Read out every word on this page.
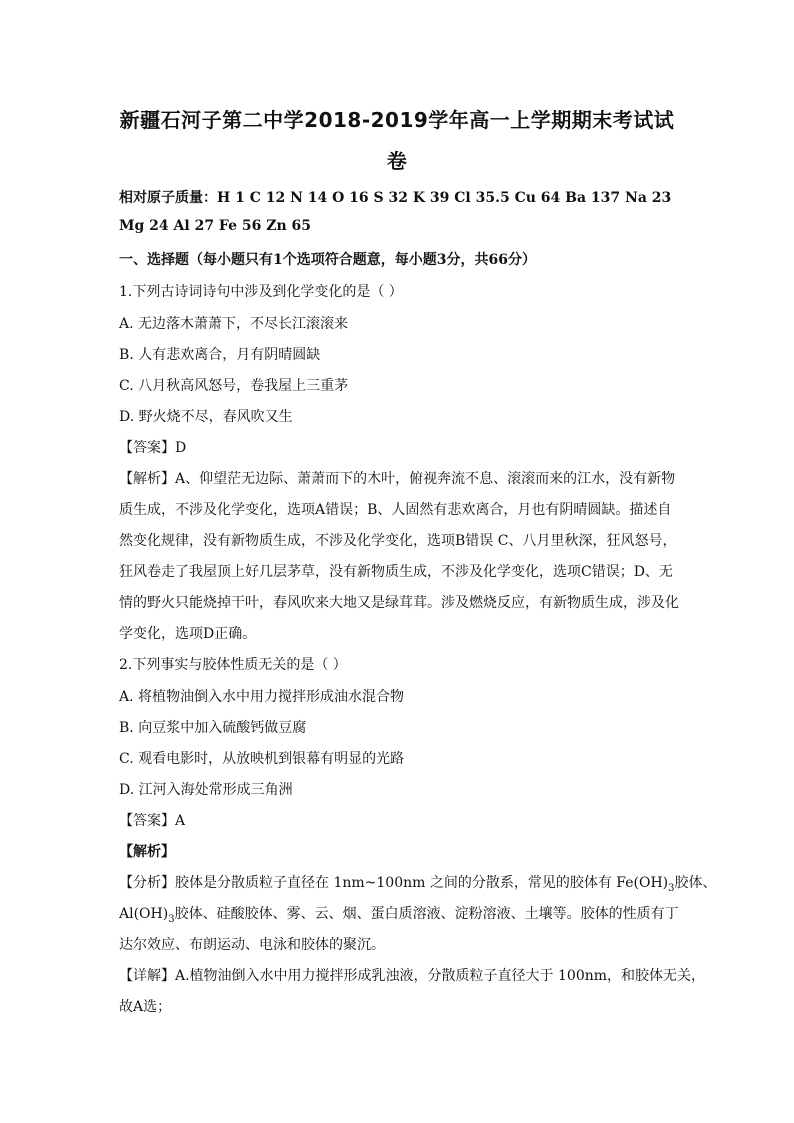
新疆石河子第二中学2018-2019学年高一上学期期末考试试
卷
相对原子质量：H 1 C 12 N 14 O 16 S 32 K 39 Cl 35.5 Cu 64 Ba 137 Na 23
Mg 24 Al 27 Fe 56 Zn 65
一、选择题（每小题只有1个选项符合题意，每小题3分，共66分）
1.下列古诗词诗句中涉及到化学变化的是（ ）
A. 无边落木萧萧下，不尽长江滚滚来
B. 人有悲欢离合，月有阴晴圆缺
C. 八月秋高风怒号，卷我屋上三重茅
D. 野火烧不尽，春风吹又生
【答案】D
【解析】A、仰望茫无边际、萧萧而下的木叶，俯视奔流不息、滚滚而来的江水，没有新物
质生成，不涉及化学变化，选项A错误；B、人固然有悲欢离合，月也有阴晴圆缺。描述自
然变化规律，没有新物质生成，不涉及化学变化，选项B错误 C、八月里秋深，狂风怒号，
狂风卷走了我屋顶上好几层茅草，没有新物质生成，不涉及化学变化，选项C错误；D、无
情的野火只能烧掉干叶，春风吹来大地又是绿茸茸。涉及燃烧反应，有新物质生成，涉及化
学变化，选项D正确。
2.下列事实与胶体性质无关的是（ ）
A. 将植物油倒入水中用力搅拌形成油水混合物
B. 向豆浆中加入硫酸钙做豆腐
C. 观看电影时，从放映机到银幕有明显的光路
D. 江河入海处常形成三角洲
【答案】A
【解析】
【分析】胶体是分散质粒子直径在 1nm~100nm 之间的分散系，常见的胶体有 $Fe(OH)_3$胶体、
$Al(OH)_3$胶体、硅酸胶体、雾、云、烟、蛋白质溶液、淀粉溶液、土壤等。胶体的性质有丁
达尔效应、布朗运动、电泳和胶体的聚沉。
【详解】A.植物油倒入水中用力搅拌形成乳浊液，分散质粒子直径大于 100nm，和胶体无关，
故A选；
